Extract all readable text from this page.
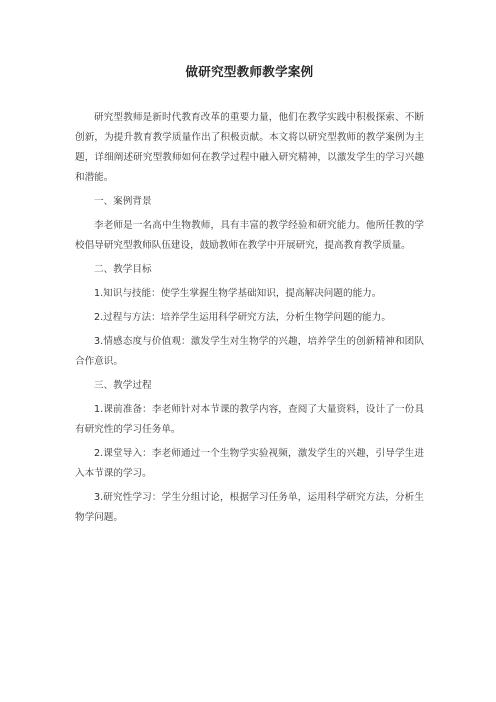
做研究型教师教学案例

研究型教师是新时代教育改革的重要力量，他们在教学实践中积极探索、不断创新，为提升教育教学质量作出了积极贡献。本文将以研究型教师的教学案例为主题，详细阐述研究型教师如何在教学过程中融入研究精神，以激发学生的学习兴趣和潜能。

一、案例背景

李老师是一名高中生物教师，具有丰富的教学经验和研究能力。他所任教的学校倡导研究型教师队伍建设，鼓励教师在教学中开展研究，提高教育教学质量。

二、教学目标

1.知识与技能：使学生掌握生物学基础知识，提高解决问题的能力。

2.过程与方法：培养学生运用科学研究方法，分析生物学问题的能力。

3.情感态度与价值观：激发学生对生物学的兴趣，培养学生的创新精神和团队合作意识。

三、教学过程

1.课前准备：李老师针对本节课的教学内容，查阅了大量资料，设计了一份具有研究性的学习任务单。

2.课堂导入：李老师通过一个生物学实验视频，激发学生的兴趣，引导学生进入本节课的学习。

3.研究性学习：学生分组讨论，根据学习任务单，运用科学研究方法，分析生物学问题。
